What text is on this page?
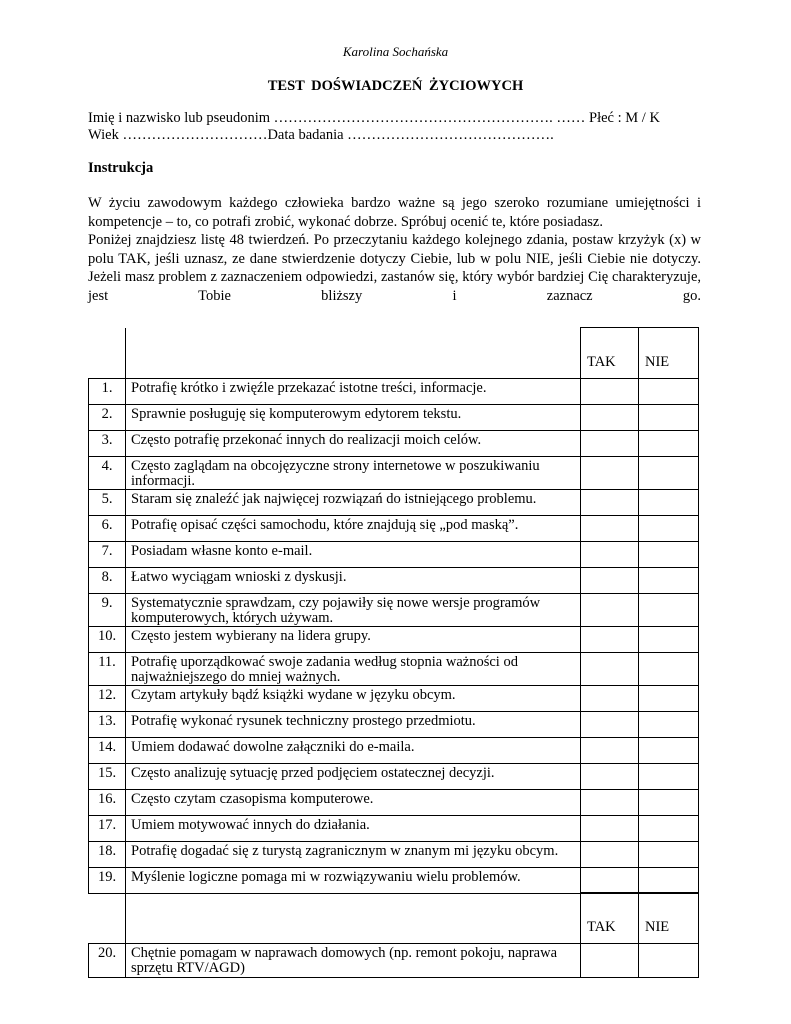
Karolina Sochańska
TEST DOŚWIADCZEŃ ŻYCIOWYCH
Imię i nazwisko lub pseudonim …………………………………………………. …… Płeć : M / K
Wiek …………………………Data badania …………………………………….
Instrukcja

W życiu zawodowym każdego człowieka bardzo ważne są jego szeroko rozumiane umiejętności i kompetencje – to, co potrafi zrobić, wykonać dobrze. Spróbuj ocenić te, które posiadasz.

Poniżej znajdziesz listę 48 twierdzeń. Po przeczytaniu każdego kolejnego zdania, postaw krzyżyk (x) w polu TAK, jeśli uznasz, ze dane stwierdzenie dotyczy Ciebie, lub w polu NIE, jeśli Ciebie nie dotyczy. Jeżeli masz problem z zaznaczeniem odpowiedzi, zastanów się, który wybór bardziej Cię charakteryzuje, jest Tobie bliższy i zaznacz go.

		TAK	NIE
1.	Potrafię krótko i zwięźle przekazać istotne treści, informacje.		
2.	Sprawnie posługuję się komputerowym edytorem tekstu.		
3.	Często potrafię przekonać innych do realizacji moich celów.		
4.	Często zaglądam na obcojęzyczne strony internetowe w poszukiwaniu informacji.		
5.	Staram się znaleźć jak najwięcej rozwiązań do istniejącego problemu.		
6.	Potrafię opisać części samochodu, które znajdują się „pod maską”.		
7.	Posiadam własne konto e-mail.		
8.	Łatwo wyciągam wnioski z dyskusji.		
9.	Systematycznie sprawdzam, czy pojawiły się nowe wersje programów komputerowych, których używam.		
10.	Często jestem wybierany na lidera grupy.		
11.	Potrafię uporządkować swoje zadania według stopnia ważności od najważniejszego do mniej ważnych.		
12.	Czytam artykuły bądź książki wydane w języku obcym.		
13.	Potrafię wykonać rysunek techniczny prostego przedmiotu.		
14.	Umiem dodawać dowolne załączniki do e-maila.		
15.	Często analizuję sytuację przed podjęciem ostatecznej decyzji.		
16.	Często czytam czasopisma komputerowe.		
17.	Umiem motywować innych do działania.		
18.	Potrafię dogadać się z turystą zagranicznym w znanym mi języku obcym.		
19.	Myślenie logiczne pomaga mi w rozwiązywaniu wielu problemów.		
		TAK	NIE
20.	Chętnie pomagam w naprawach domowych (np. remont pokoju, naprawa sprzętu RTV/AGD)		
